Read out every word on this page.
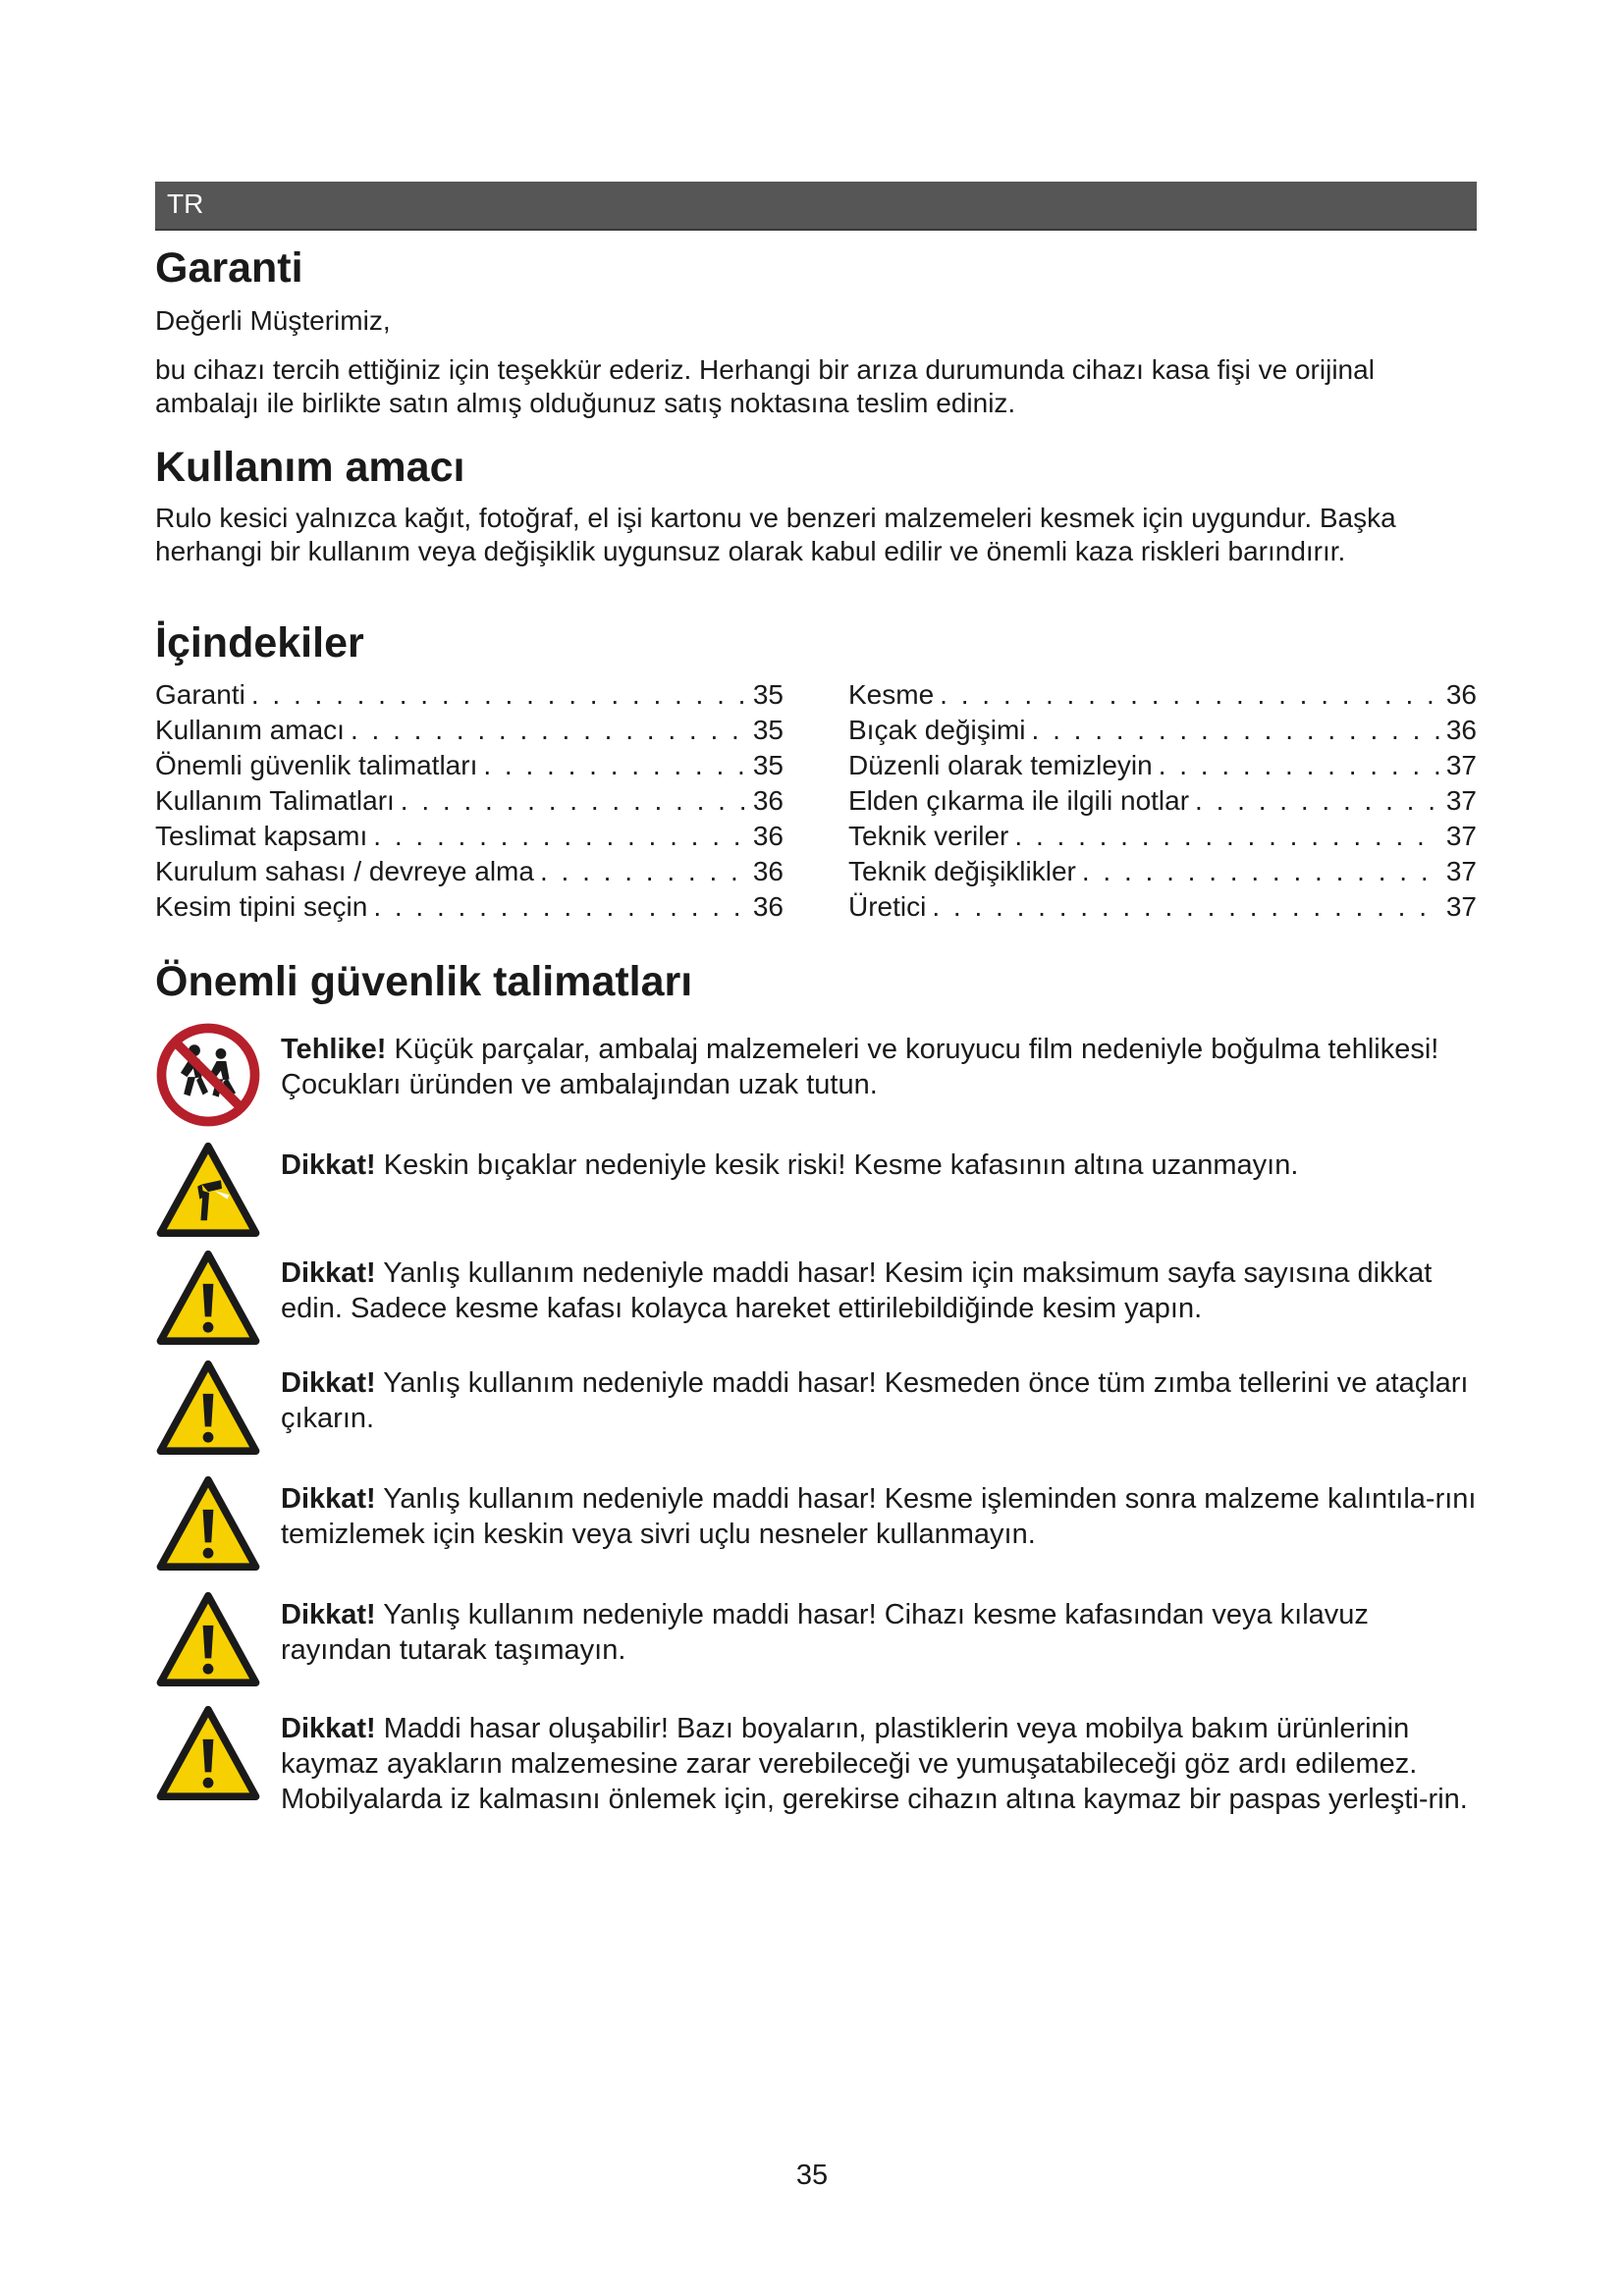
TR
Garanti

Değerli Müşterimiz,

bu cihazı tercih ettiğiniz için teşekkür ederiz. Herhangi bir arıza durumunda cihazı kasa fişi ve orijinal ambalajı ile birlikte satın almış olduğunuz satış noktasına teslim ediniz.

Kullanım amacı

Rulo kesici yalnızca kağıt, fotoğraf, el işi kartonu ve benzeri malzemeleri kesmek için uygundur. Başka herhangi bir kullanım veya değişiklik uygunsuz olarak kabul edilir ve önemli kaza riskleri barındırır.

İçindekiler
Garanti . . .	35
Kullanım amacı . . .	35
Önemli güvenlik talimatları . . .	35
Kullanım Talimatları . . .	36
Teslimat kapsamı . . .	36
Kurulum sahası / devreye alma . . .	36
Kesim tipini seçin . . .	36
Kesme . . .	36
Bıçak değişimi . . .	36
Düzenli olarak temizleyin . . .	37
Elden çıkarma ile ilgili notlar . . .	37
Teknik veriler . . .	37
Teknik değişiklikler . . .	37
Üretici . . .	37
Önemli güvenlik talimatları
Tehlike! Küçük parçalar, ambalaj malzemeleri ve koruyucu film nedeniyle boğulma tehlikesi! Çocukları üründen ve ambalajından uzak tutun.
Dikkat! Keskin bıçaklar nedeniyle kesik riski! Kesme kafasının altına uzanmayın.
Dikkat! Yanlış kullanım nedeniyle maddi hasar! Kesim için maksimum sayfa sayısına dikkat edin. Sadece kesme kafası kolayca hareket ettirilebildiğinde kesim yapın.
Dikkat! Yanlış kullanım nedeniyle maddi hasar! Kesmeden önce tüm zımba tellerini ve ataçları çıkarın.
Dikkat! Yanlış kullanım nedeniyle maddi hasar! Kesme işleminden sonra malzeme kalıntıla-rını temizlemek için keskin veya sivri uçlu nesneler kullanmayın.
Dikkat! Yanlış kullanım nedeniyle maddi hasar! Cihazı kesme kafasından veya kılavuz rayından tutarak taşımayın.
Dikkat! Maddi hasar oluşabilir! Bazı boyaların, plastiklerin veya mobilya bakım ürünlerinin kaymaz ayakların malzemesine zarar verebileceği ve yumuşatabileceği göz ardı edilemez. Mobilyalarda iz kalmasını önlemek için, gerekirse cihazın altına kaymaz bir paspas yerleşti-rin.
35
